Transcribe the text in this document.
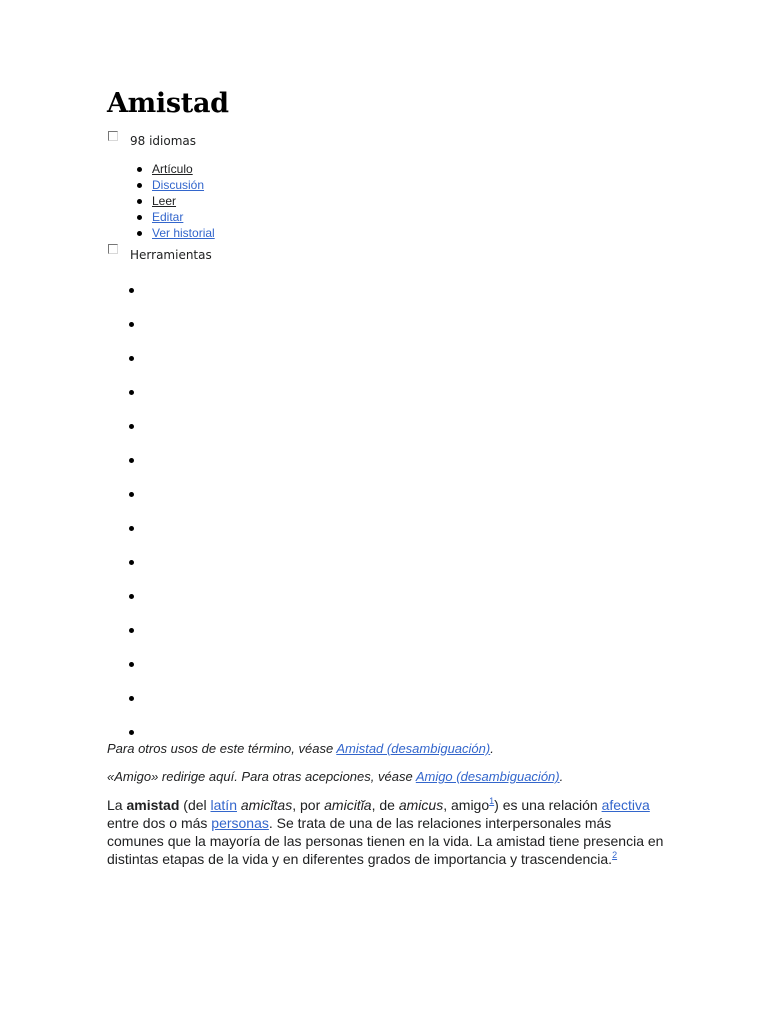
Amistad
98 idiomas
Artículo
Discusión
Leer
Editar
Ver historial
Herramientas
Para otros usos de este término, véase Amistad (desambiguación).
«Amigo» redirige aquí. Para otras acepciones, véase Amigo (desambiguación).

La amistad (del latín amicĭtas, por amicitĭa, de amicus, amigo$^1$) es una relación afectiva entre dos o más personas. Se trata de una de las relaciones interpersonales más comunes que la mayoría de las personas tienen en la vida. La amistad tiene presencia en distintas etapas de la vida y en diferentes grados de importancia y trascendencia.$^2$
